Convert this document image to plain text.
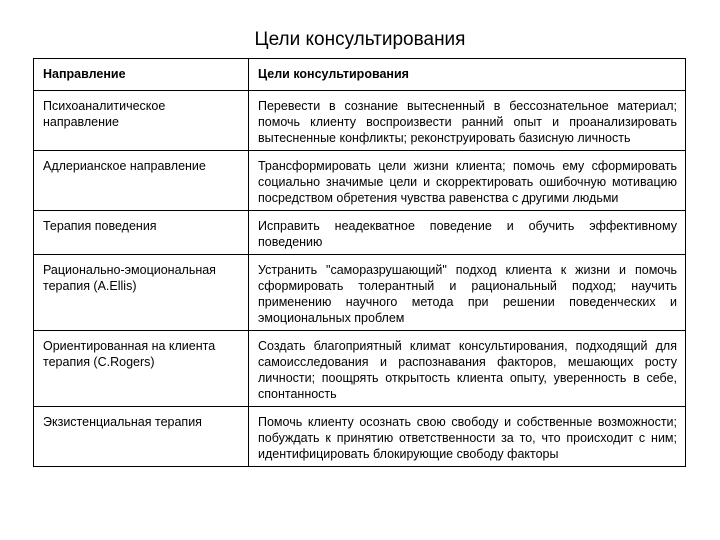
Цели консультирования
Направление	Цели консультирования
Психоаналитическое направление	Перевести в сознание вытесненный в бессознательное материал; помочь клиенту воспроизвести ранний опыт и проанализировать вытесненные конфликты; реконструировать базисную личность
Адлерианское направление	Трансформировать цели жизни клиента; помочь ему сформировать социально значимые цели и скорректировать ошибочную мотивацию посредством обретения чувства равенства с другими людьми
Терапия поведения	Исправить неадекватное поведение и обучить эффективному поведению
Рационально-эмоциональная терапия (A.Ellis)	Устранить "саморазрушающий" подход клиента к жизни и помочь сформировать толерантный и рациональный подход; научить применению научного метода при решении поведенческих и эмоциональных проблем
Ориентированная на клиента терапия (C.Rogers)	Создать благоприятный климат консультирования, подходящий для самоисследования и распознавания факторов, мешающих росту личности; поощрять открытость клиента опыту, уверенность в себе, спонтанность
Экзистенциальная терапия	Помочь клиенту осознать свою свободу и собственные возможности; побуждать к принятию ответственности за то, что происходит с ним; идентифицировать блокирующие свободу факторы
